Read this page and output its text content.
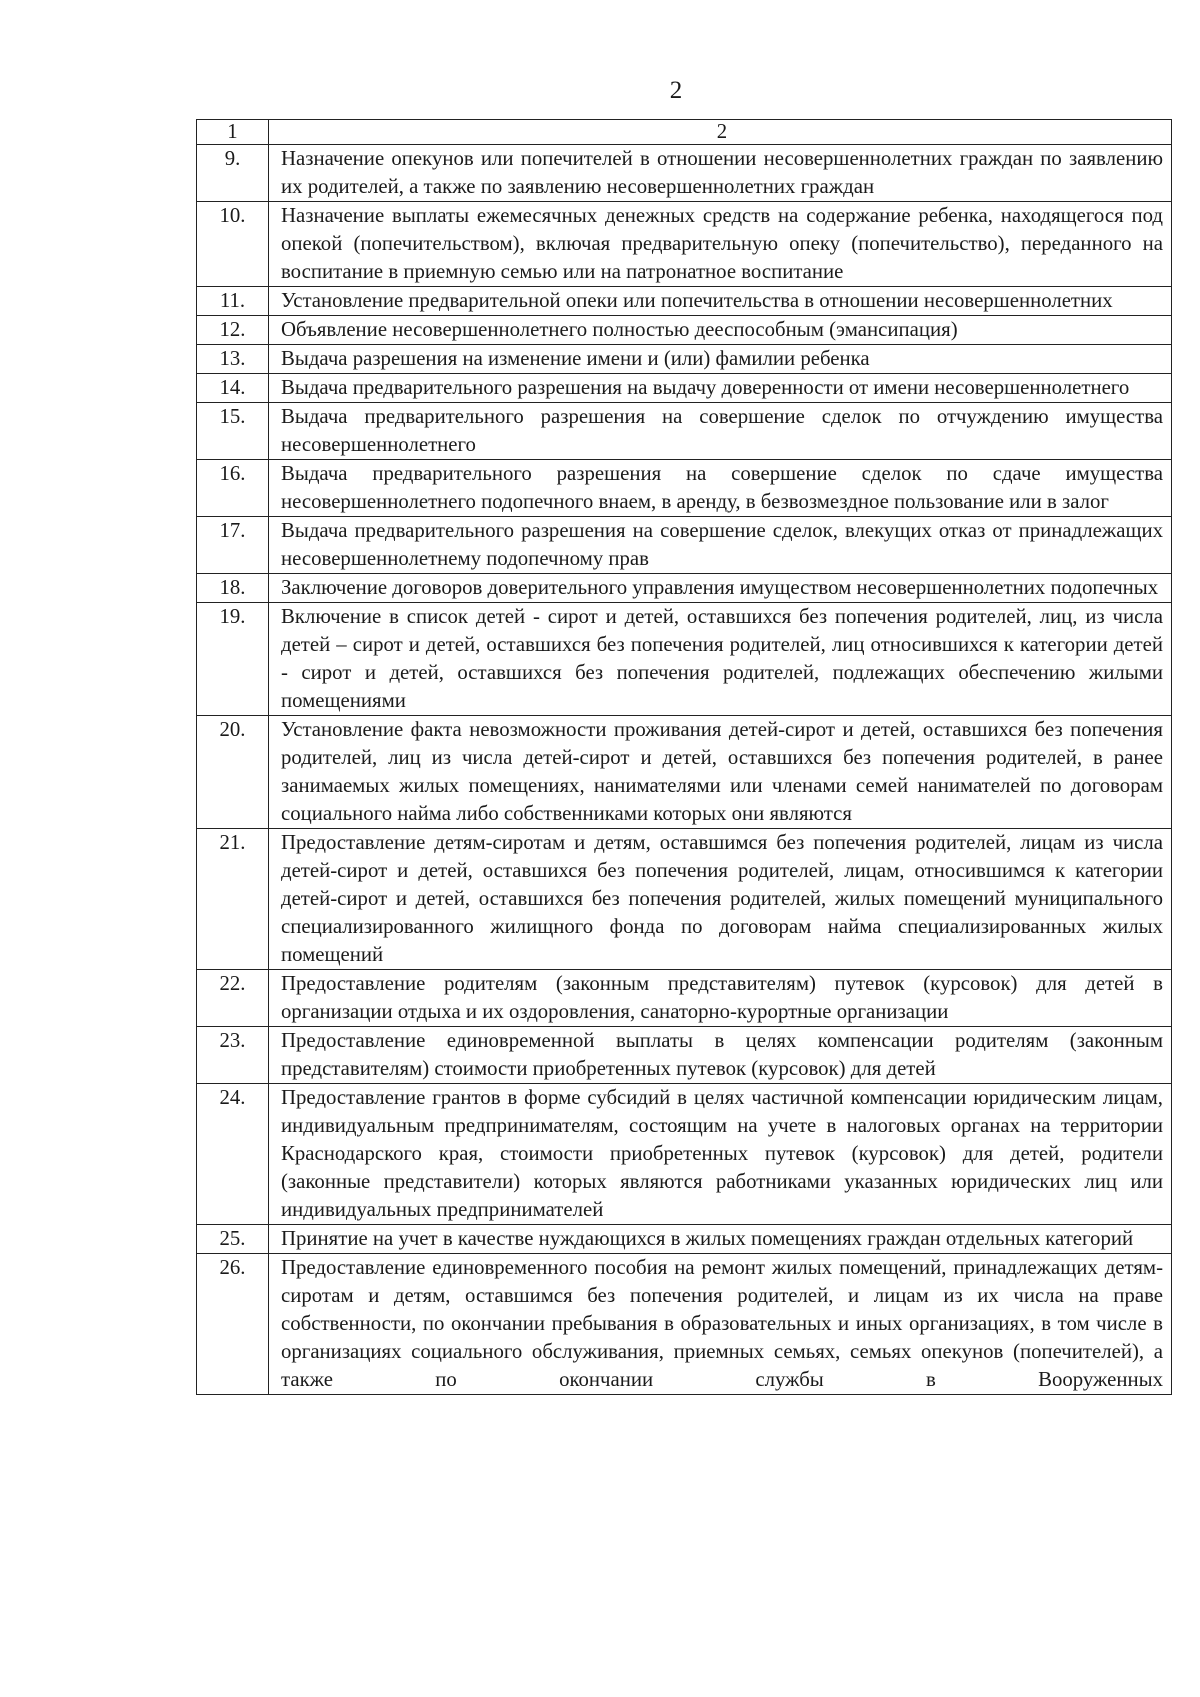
2
1	2
9.	Назначение опекунов или попечителей в отношении несовершеннолетних граждан по заявлению их родителей, а также по заявлению несовершеннолетних граждан
10.	Назначение выплаты ежемесячных денежных средств на содержание ребенка, находящегося под опекой (попечительством), включая предварительную опеку (попечительство), переданного на воспитание в приемную семью или на патронатное воспитание
11.	Установление предварительной опеки или попечительства в отношении несовершеннолетних
12.	Объявление несовершеннолетнего полностью дееспособным (эмансипация)
13.	Выдача разрешения на изменение имени и (или) фамилии ребенка
14.	Выдача предварительного разрешения на выдачу доверенности от имени несовершеннолетнего
15.	Выдача предварительного разрешения на совершение сделок по отчуждению имущества несовершеннолетнего
16.	Выдача предварительного разрешения на совершение сделок по сдаче имущества несовершеннолетнего подопечного внаем, в аренду, в безвозмездное пользование или в залог
17.	Выдача предварительного разрешения на совершение сделок, влекущих отказ от принадлежащих несовершеннолетнему подопечному прав
18.	Заключение договоров доверительного управления имуществом несовершеннолетних подопечных
19.	Включение в список детей - сирот и детей, оставшихся без попечения родителей, лиц, из числа детей – сирот и детей, оставшихся без попечения родителей, лиц относившихся к категории детей - сирот и детей, оставшихся без попечения родителей, подлежащих обеспечению жилыми помещениями
20.	Установление факта невозможности проживания детей-сирот и детей, оставшихся без попечения родителей, лиц из числа детей-сирот и детей, оставшихся без попечения родителей, в ранее занимаемых жилых помещениях, нанимателями или членами семей нанимателей по договорам социального найма либо собственниками которых они являются
21.	Предоставление детям-сиротам и детям, оставшимся без попечения родителей, лицам из числа детей-сирот и детей, оставшихся без попечения родителей, лицам, относившимся к категории детей-сирот и детей, оставшихся без попечения родителей, жилых помещений муниципального специализированного жилищного фонда по договорам найма специализированных жилых помещений
22.	Предоставление родителям (законным представителям) путевок (курсовок) для детей в организации отдыха и их оздоровления, санаторно-курортные организации
23.	Предоставление единовременной выплаты в целях компенсации родителям (законным представителям) стоимости приобретенных путевок (курсовок) для детей
24.	Предоставление грантов в форме субсидий в целях частичной компенсации юридическим лицам, индивидуальным предпринимателям, состоящим на учете в налоговых органах на территории Краснодарского края, стоимости приобретенных путевок (курсовок) для детей, родители (законные представители) которых являются работниками указанных юридических лиц или индивидуальных предпринимателей
25.	Принятие на учет в качестве нуждающихся в жилых помещениях граждан отдельных категорий
26.	Предоставление единовременного пособия на ремонт жилых помещений, принадлежащих детям-сиротам и детям, оставшимся без попечения родителей, и лицам из их числа на праве собственности, по окончании пребывания в образовательных и иных организациях, в том числе в организациях социального обслуживания, приемных семьях, семьях опекунов (попечителей), а также по окончании службы в Вооруженных
